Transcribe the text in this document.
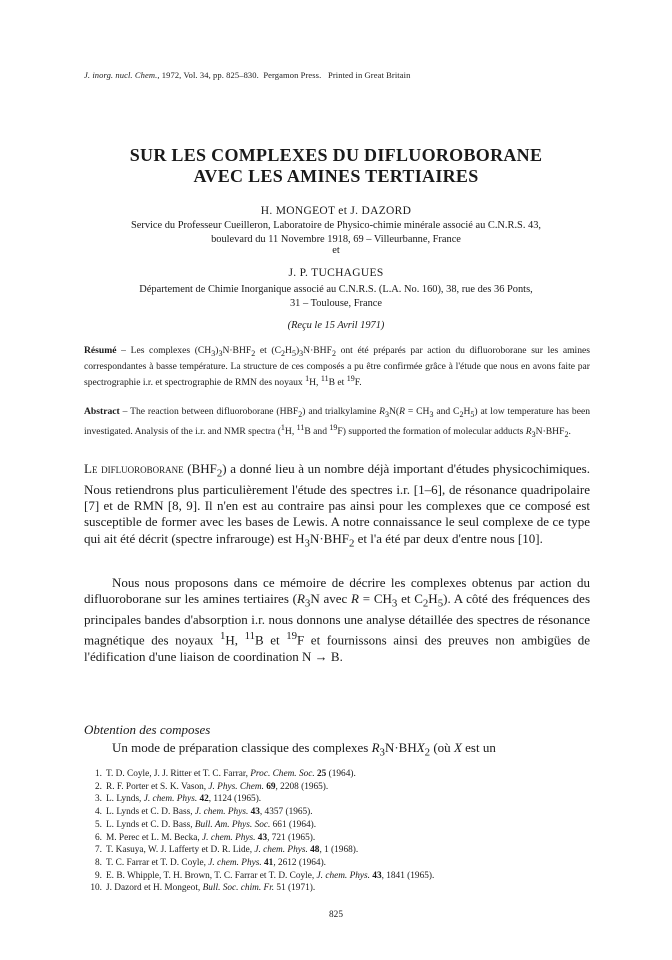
J. inorg. nucl. Chem., 1972, Vol. 34, pp. 825–830. Pergamon Press. Printed in Great Britain
SUR LES COMPLEXES DU DIFLUOROBORANE
AVEC LES AMINES TERTIAIRES
H. MONGEOT et J. DAZORD
Service du Professeur Cueilleron, Laboratoire de Physico-chimie minérale associé au C.N.R.S. 43,
boulevard du 11 Novembre 1918, 69 – Villeurbanne, France
et
J. P. TUCHAGUES
Département de Chimie Inorganique associé au C.N.R.S. (L.A. No. 160), 38, rue des 36 Ponts,
31 – Toulouse, France
(Reçu le 15 Avril 1971)
Résumé – Les complexes $(CH_3)_3N\cdot BHF_2$ et $(C_2H_5)_3N\cdot BHF_2$ ont été préparés par action du difluoroborane sur les amines correspondantes à basse température. La structure de ces composés a pu être confirmée grâce à l'étude que nous en avons faite par spectrographie i.r. et spectrographie de RMN des noyaux $^1$H, $^{11}$B et $^{19}$F.
Abstract – The reaction between difluoroborane $(HBF_2)$ and trialkylamine $R_3N(R = CH_3$ and $C_2H_5$) at low temperature has been investigated. Analysis of the i.r. and NMR spectra ($^1$H, $^{11}$B and $^{19}$F) supported the formation of molecular adducts $R_3N\cdot BHF_2$.
Le difluoroborane $(BHF_2)$ a donné lieu à un nombre déjà important d'études physicochimiques. Nous retiendrons plus particulièrement l'étude des spectres i.r. [1–6], de résonance quadripolaire [7] et de RMN [8, 9]. Il n'en est au contraire pas ainsi pour les complexes que ce composé est susceptible de former avec les bases de Lewis. A notre connaissance le seul complexe de ce type qui ait été décrit (spectre infrarouge) est $H_3N\cdot BHF_2$ et l'a été par deux d'entre nous [10].
Nous nous proposons dans ce mémoire de décrire les complexes obtenus par action du difluoroborane sur les amines tertiaires ($R_3N$ avec $R = CH_3$ et $C_2H_5$). A côté des fréquences des principales bandes d'absorption i.r. nous donnons une analyse détaillée des spectres de résonance magnétique des noyaux $^1$H, $^{11}$B et $^{19}$F et fournissons ainsi des preuves non ambigües de l'édification d'une liaison de coordination N → B.
Obtention des composes
Un mode de préparation classique des complexes $R_3N\cdot BHX_2$ (où X est un
1. T. D. Coyle, J. J. Ritter et T. C. Farrar, Proc. Chem. Soc. 25 (1964).
2. R. F. Porter et S. K. Vason, J. Phys. Chem. 69, 2208 (1965).
3. L. Lynds, J. chem. Phys. 42, 1124 (1965).
4. L. Lynds et C. D. Bass, J. chem. Phys. 43, 4357 (1965).
5. L. Lynds et C. D. Bass, Bull. Am. Phys. Soc. 661 (1964).
6. M. Perec et L. M. Becka, J. chem. Phys. 43, 721 (1965).
7. T. Kasuya, W. J. Lafferty et D. R. Lide, J. chem. Phys. 48, 1 (1968).
8. T. C. Farrar et T. D. Coyle, J. chem. Phys. 41, 2612 (1964).
9. E. B. Whipple, T. H. Brown, T. C. Farrar et T. D. Coyle, J. chem. Phys. 43, 1841 (1965).
10. J. Dazord et H. Mongeot, Bull. Soc. chim. Fr. 51 (1971).
825
